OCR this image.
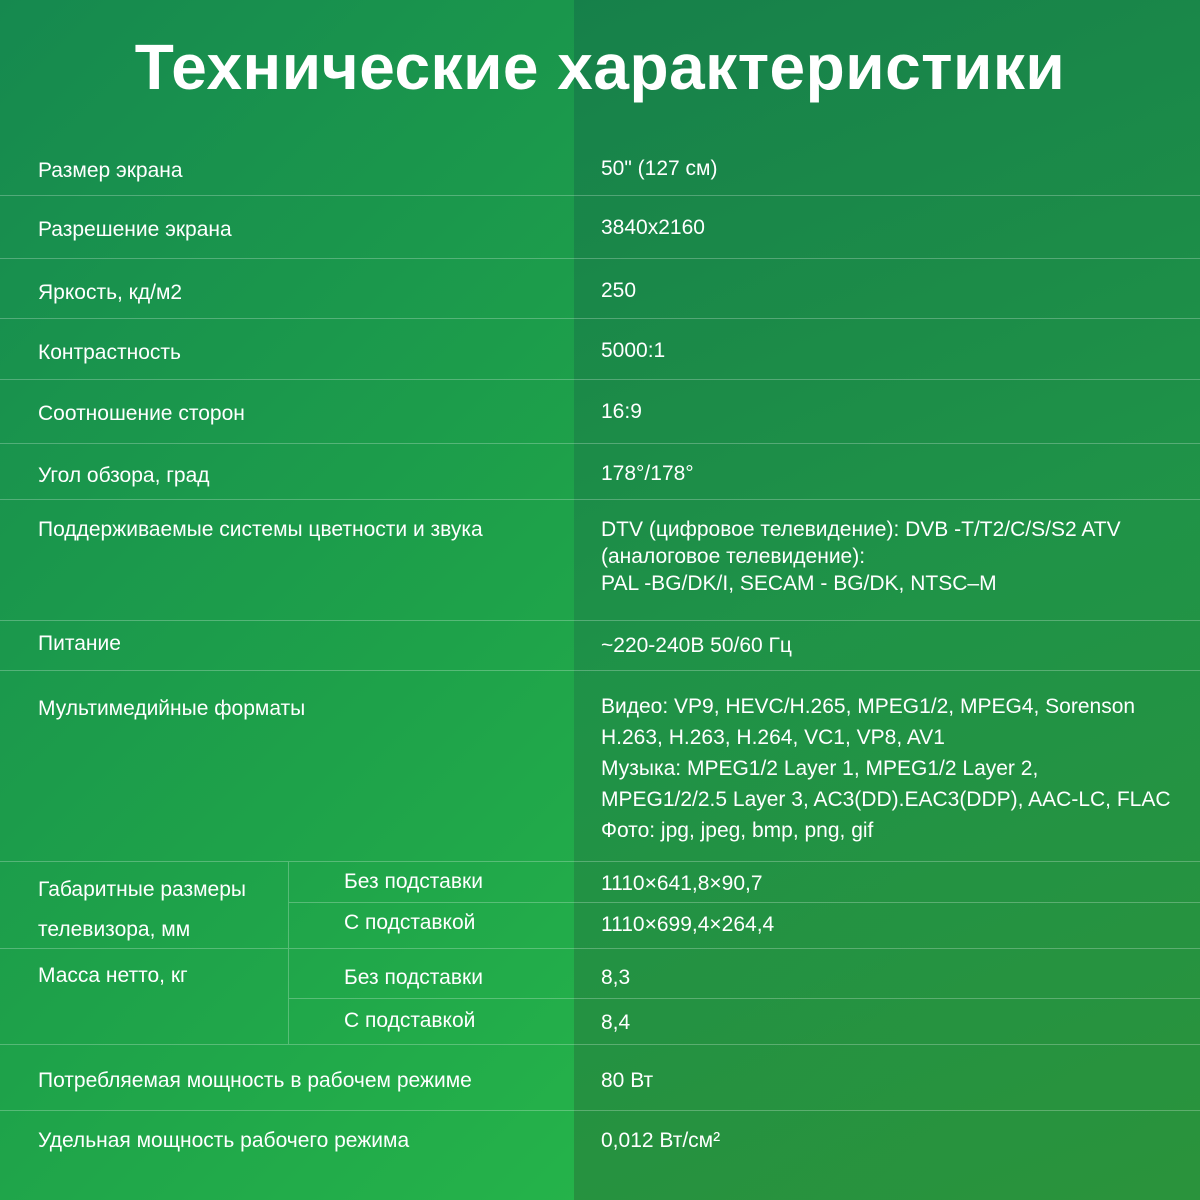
Технические характеристики
Размер экрана	50" (127 см)
Разрешение экрана	3840x2160
Яркость, кд/м2	250
Контрастность	5000:1
Соотношение сторон	16:9
Угол обзора, град	178°/178°
Поддерживаемые системы цветности и звука	DTV (цифровое телевидение): DVB -T/T2/C/S/S2 ATV
(аналоговое телевидение):
PAL -BG/DK/I, SECAM - BG/DK, NTSC–M
Питание	~220-240В 50/60 Гц
Мультимедийные форматы	Видео: VP9, HEVC/H.265, MPEG1/2, MPEG4, Sorenson
H.263, H.263, H.264, VC1, VP8, AV1
Музыка: MPEG1/2 Layer 1, MPEG1/2 Layer 2,
MPEG1/2/2.5 Layer 3, AC3(DD).EAC3(DDP), AAC-LC, FLAC
Фото: jpg, jpeg, bmp, png, gif
Габаритные размеры
телевизора, мм
Без подставки	1110×641,8×90,7
С подставкой	1110×699,4×264,4
Масса нетто, кг	Без подставки	8,3
С подставкой	8,4
Потребляемая мощность в рабочем режиме	80 Вт
Удельная мощность рабочего режима	0,012 Вт/см²
